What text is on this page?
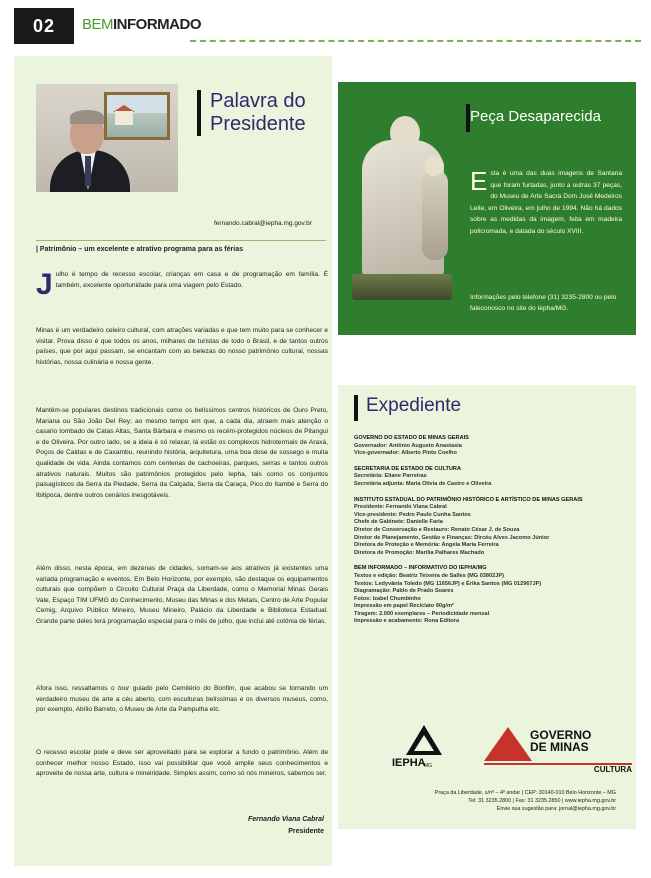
02	BEMINFORMADO
Palavra do
Presidente
fernando.cabral@iepha.mg.gov.br
| Patrimônio – um excelente e atrativo programa para as férias
J ulho é tempo de recesso escolar, crianças em casa e de programação em família. É também, excelente oportunidade para uma viagem pelo Estado.
Minas é um verdadeiro celeiro cultural, com atrações variadas e que tem muito para se conhecer e visitar. Prova disso é que todos os anos, milhares de turistas de todo o Brasil, e de tantos outros países, que por aqui passam, se encantam com as belezas do nosso patrimônio cultural, nossas histórias, nossa culinária e nossa gente.
Mantêm-se populares destinos tradicionais como os belíssimos centros históricos de Ouro Preto, Mariana ou São João Del Rey; ao mesmo tempo em que, a cada dia, atraem mais atenção o casario tombado de Catas Altas, Santa Bárbara e mesmo os recém-protegidos núcleos de Pitangui e de Oliveira. Por outro lado, se a ideia é só relaxar, lá estão os complexos hidrotermais de Araxá, Poços de Caldas e de Caxambu, reunindo história, arquitetura, uma boa dose de sossego e muita qualidade de vida. Ainda contamos com centenas de cachoeiras, parques, serras e tantos outros atrativos naturais. Muitos são patrimônios protegidos pelo Iepha, tais como os conjuntos paisagísticos da Serra da Piedade, Serra da Calçada, Serra da Caraça, Pico do Itambé e Serra do Ibitipoca, dentre outros cenários inesgotáveis.
Além disso, nesta época, em dezenas de cidades, somam-se aos atrativos já existentes uma variada programação e eventos. Em Belo Horizonte, por exemplo, são destaque os equipamentos culturais que compõem o Circuito Cultural Praça da Liberdade, como o Memorial Minas Gerais Vale, Espaço TIM UFMG do Conhecimento, Museu das Minas e dos Metais, Centro de Arte Popular Cemig, Arquivo Público Mineiro, Museu Mineiro, Palácio da Liberdade e Biblioteca Estadual. Grande parte deles terá programação especial para o mês de julho, que inclui até colônia de férias.
Afora isso, ressaltamos o tour guiado pelo Cemitério do Bonfim, que acabou se tornando um verdadeiro museu de arte a céu aberto, com esculturas belíssimas e os diversos museus, como, por exemplo, Abílio Barreto, o Museu de Arte da Pampulha etc.
O recesso escolar pode e deve ser aproveitado para se explorar a fundo o patrimônio. Além de conhecer melhor nosso Estado, isso vai possibilitar que você amplie seus conhecimentos e aproveite de nossa arte, cultura e mineiridade. Simples assim, como só nós mineiros, sabemos ser.
Fernando Viana Cabral
Presidente
Peça Desaparecida
E sta é uma das duas imagens de Santana que foram furtadas, junto a outras 37 peças, do Museu de Arte Sacra Dom José Medeiros Leite, em Oliveira, em julho de 1994. Não há dados sobre as medidas da imagem, feita em madeira policromada, e datada do século XVIII.
Informações pelo telefone (31) 3235-2800 ou pelo faleconosco no site do Iepha/MG.
Expediente
GOVERNO DO ESTADO DE MINAS GERAIS
Governador: Antônio Augusto Anastasia
Vice-governador: Alberto Pinto Coelho
SECRETARIA DE ESTADO DE CULTURA
Secretária: Eliane Parreiras
Secretária adjunta: Maria Olívia de Castro e Oliveira
INSTITUTO ESTADUAL DO PATRIMÔNIO HISTÓRICO E ARTÍSTICO DE MINAS GERAIS
Presidente: Fernando Viana Cabral
Vice-presidente: Pedro Paulo Cunha Santos
Chefe de Gabinete: Danielle Faria
Diretor de Conservação e Restauro: Renato César J. de Souza
Diretor de Planejamento, Gestão e Finanças: Dircéu Alves Jacomo Júnior
Diretora de Proteção e Memória: Angela Maria Ferreira
Diretora de Promoção: Marília Palhares Machado
BEM INFORMADO – INFORMATIVO DO IEPHA/MG
Textos e edição: Beatriz Teixeira de Salles (MG 03802JP)
Textos: Ledyvânia Toledo (MG 11656JP) e Érika Santos (MG 012967JP)
Diagramação: Pablo de Prado Soares
Fotos: Izabel Chumbinho
Impressão em papel Reciclato 90g/m²
Tiragem: 2.000 exemplares – Periodicidade mensal
Impressão e acabamento: Rona Editora
IEPHA
MG
GOVERNO
DE MINAS
CULTURA
Praça da Liberdade, s/nº – 4º andar | CEP: 30140-010 Belo Horizonte – MG
Tel: 31 3235.2800 | Fax: 31 3235.2850 | www.iepha.mg.gov.br
Envie sua sugestão para: jornal@iepha.mg.gov.br
